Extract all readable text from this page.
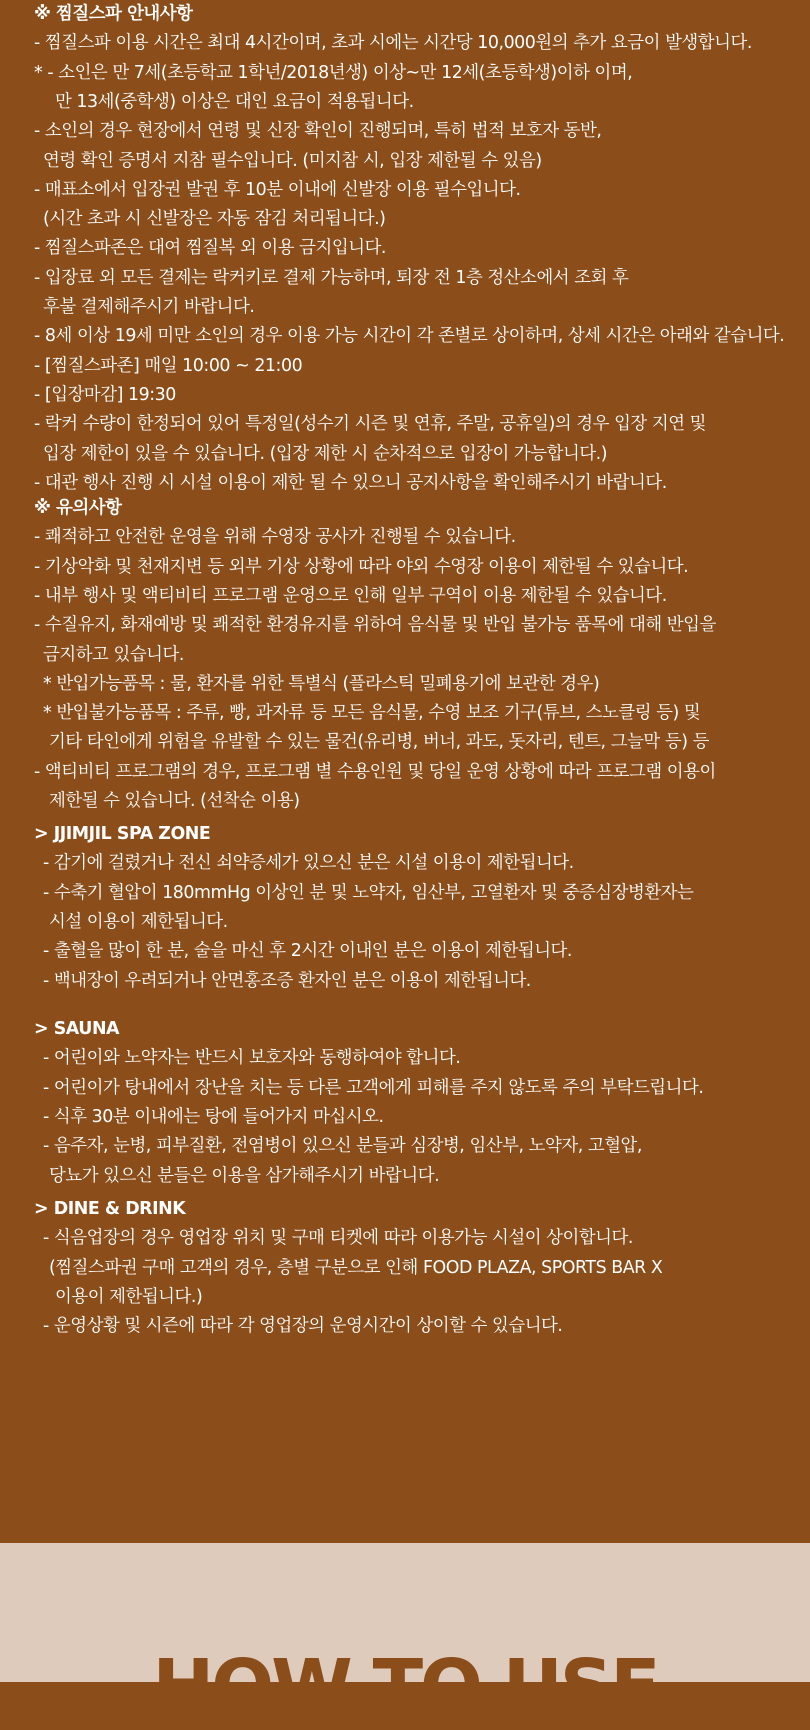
※ 찜질스파 안내사항
- 찜질스파 이용 시간은 최대 4시간이며, 초과 시에는 시간당 10,000원의 추가 요금이 발생합니다.
* - 소인은 만 7세(초등학교 1학년/2018년생) 이상~만 12세(초등학생)이하 이며,
만 13세(중학생) 이상은 대인 요금이 적용됩니다.
- 소인의 경우 현장에서 연령 및 신장 확인이 진행되며, 특히 법적 보호자 동반,
연령 확인 증명서 지참 필수입니다. (미지참 시, 입장 제한될 수 있음)
- 매표소에서 입장권 발권 후 10분 이내에 신발장 이용 필수입니다.
(시간 초과 시 신발장은 자동 잠김 처리됩니다.)
- 찜질스파존은 대여 찜질복 외 이용 금지입니다.
- 입장료 외 모든 결제는 락커키로 결제 가능하며, 퇴장 전 1층 정산소에서 조회 후
후불 결제해주시기 바랍니다.
- 8세 이상 19세 미만 소인의 경우 이용 가능 시간이 각 존별로 상이하며, 상세 시간은 아래와 같습니다.
- [찜질스파존] 매일 10:00 ~ 21:00
- [입장마감] 19:30
- 락커 수량이 한정되어 있어 특정일(성수기 시즌 및 연휴, 주말, 공휴일)의 경우 입장 지연 및
입장 제한이 있을 수 있습니다. (입장 제한 시 순차적으로 입장이 가능합니다.)
- 대관 행사 진행 시 시설 이용이 제한 될 수 있으니 공지사항을 확인해주시기 바랍니다.
※ 유의사항
- 쾌적하고 안전한 운영을 위해 수영장 공사가 진행될 수 있습니다.
- 기상악화 및 천재지변 등 외부 기상 상황에 따라 야외 수영장 이용이 제한될 수 있습니다.
- 내부 행사 및 액티비티 프로그램 운영으로 인해 일부 구역이 이용 제한될 수 있습니다.
- 수질유지, 화재예방 및 쾌적한 환경유지를 위하여 음식물 및 반입 불가능 품목에 대해 반입을
금지하고 있습니다.
* 반입가능품목 : 물, 환자를 위한 특별식 (플라스틱 밀폐용기에 보관한 경우)
* 반입불가능품목 : 주류, 빵, 과자류 등 모든 음식물, 수영 보조 기구(튜브, 스노클링 등) 및
기타 타인에게 위험을 유발할 수 있는 물건(유리병, 버너, 과도, 돗자리, 텐트, 그늘막 등) 등
- 액티비티 프로그램의 경우, 프로그램 별 수용인원 및 당일 운영 상황에 따라 프로그램 이용이
제한될 수 있습니다. (선착순 이용)
> JJIMJIL SPA ZONE
- 감기에 걸렸거나 전신 쇠약증세가 있으신 분은 시설 이용이 제한됩니다.
- 수축기 혈압이 180mmHg 이상인 분 및 노약자, 임산부, 고열환자 및 중증심장병환자는
시설 이용이 제한됩니다.
- 출혈을 많이 한 분, 술을 마신 후 2시간 이내인 분은 이용이 제한됩니다.
- 백내장이 우려되거나 안면홍조증 환자인 분은 이용이 제한됩니다.
> SAUNA
- 어린이와 노약자는 반드시 보호자와 동행하여야 합니다.
- 어린이가 탕내에서 장난을 치는 등 다른 고객에게 피해를 주지 않도록 주의 부탁드립니다.
- 식후 30분 이내에는 탕에 들어가지 마십시오.
- 음주자, 눈병, 피부질환, 전염병이 있으신 분들과 심장병, 임산부, 노약자, 고혈압,
당뇨가 있으신 분들은 이용을 삼가해주시기 바랍니다.
> DINE & DRINK
- 식음업장의 경우 영업장 위치 및 구매 티켓에 따라 이용가능 시설이 상이합니다.
(찜질스파권 구매 고객의 경우, 층별 구분으로 인해 FOOD PLAZA, SPORTS BAR X
이용이 제한됩니다.)
- 운영상황 및 시즌에 따라 각 영업장의 운영시간이 상이할 수 있습니다.
HOW TO USE
